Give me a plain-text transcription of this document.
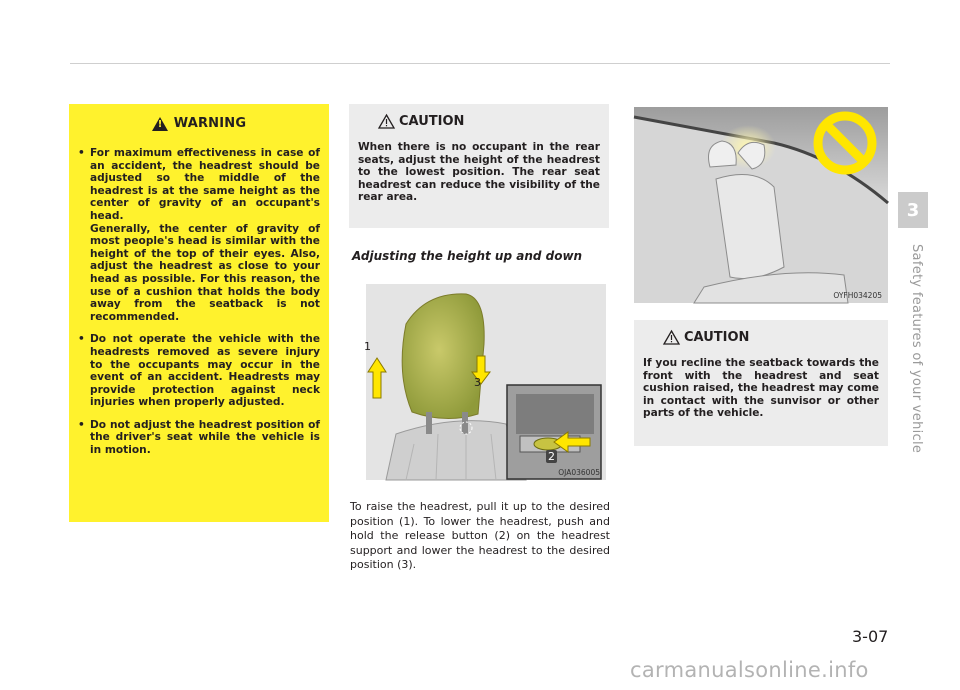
!
WARNING

• For maximum effectiveness in case of an accident, the headrest should be adjusted so the middle of the headrest is at the same height as the center of gravity of an occupant's head.

Generally, the center of gravity of most people's head is similar with the height of the top of their eyes. Also, adjust the headrest as close to your head as possible. For this reason, the use of a cushion that holds the body away from the seatback is not recommended.

• Do not operate the vehicle with the headrests removed as severe injury to the occupants may occur in the event of an accident. Headrests may provide protection against neck injuries when properly adjusted.

• Do not adjust the headrest position of the driver's seat while the vehicle is in motion.

CAUTION

When there is no occupant in the rear seats, adjust the height of the headrest to the lowest position. The rear seat headrest can reduce the visibility of the rear area.

Adjusting the height up and down
1
3
2
OJA036005
To raise the headrest, pull it up to the desired position (1). To lower the headrest, push and hold the release button (2) on the headrest support and lower the headrest to the desired position (3).
OYFH034205
CAUTION

If you recline the seatback towards the front with the headrest and seat cushion raised, the headrest may come in contact with the sunvisor or other parts of the vehicle.

3
Safety features of your vehicle
3-07
carmanualsonline.info
